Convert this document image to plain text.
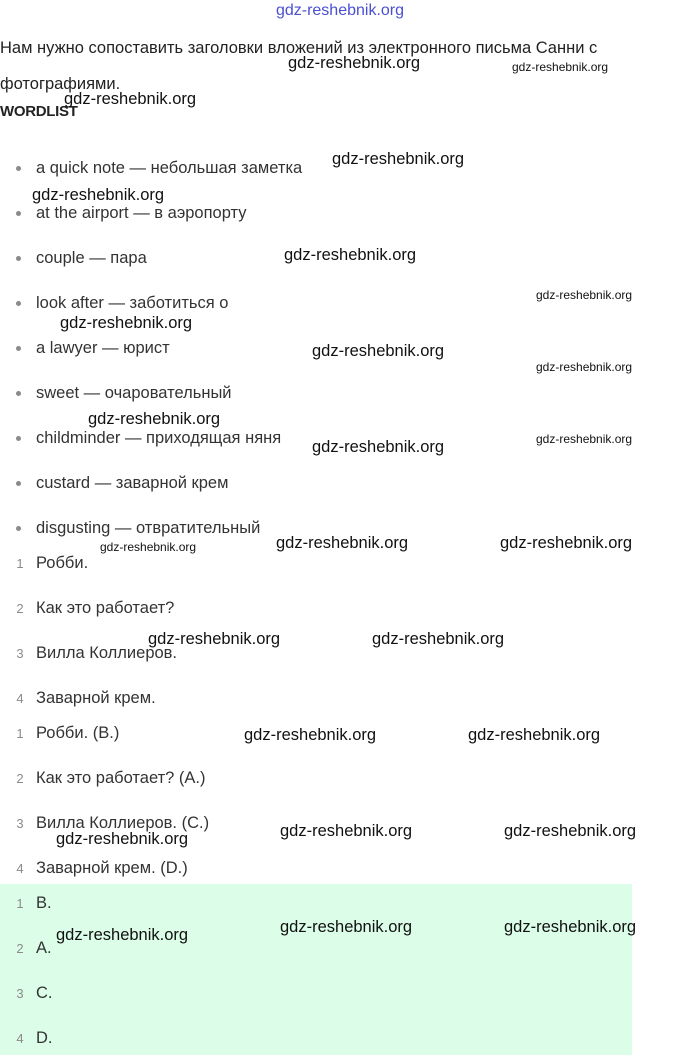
gdz-reshebnik.org
Нам нужно сопоставить заголовки вложений из электронного письма Санни с фотографиями.
WORDLIST
a quick note — небольшая заметка
at the airport — в аэропорту
couple — пара
look after — заботиться о
a lawyer — юрист
sweet — очаровательный
childminder — приходящая няня
custard — заварной крем
disgusting — отвратительный
1 Робби.
2 Как это работает?
3 Вилла Коллиеров.
4 Заварной крем.
1 Робби. (B.)
2 Как это работает? (A.)
3 Вилла Коллиеров. (C.)
4 Заварной крем. (D.)
1 B.
2 A.
3 C.
4 D.
gdz-reshebnik.org	gdz-reshebnik.org
gdz-reshebnik.org
gdz-reshebnik.org
gdz-reshebnik.org
gdz-reshebnik.org
gdz-reshebnik.org
gdz-reshebnik.org
gdz-reshebnik.org
gdz-reshebnik.org
gdz-reshebnik.org
gdz-reshebnik.org	gdz-reshebnik.org
gdz-reshebnik.org	gdz-reshebnik.org	gdz-reshebnik.org
gdz-reshebnik.org	gdz-reshebnik.org
gdz-reshebnik.org	gdz-reshebnik.org
gdz-reshebnik.org	gdz-reshebnik.org	gdz-reshebnik.org
gdz-reshebnik.org	gdz-reshebnik.org	gdz-reshebnik.org
